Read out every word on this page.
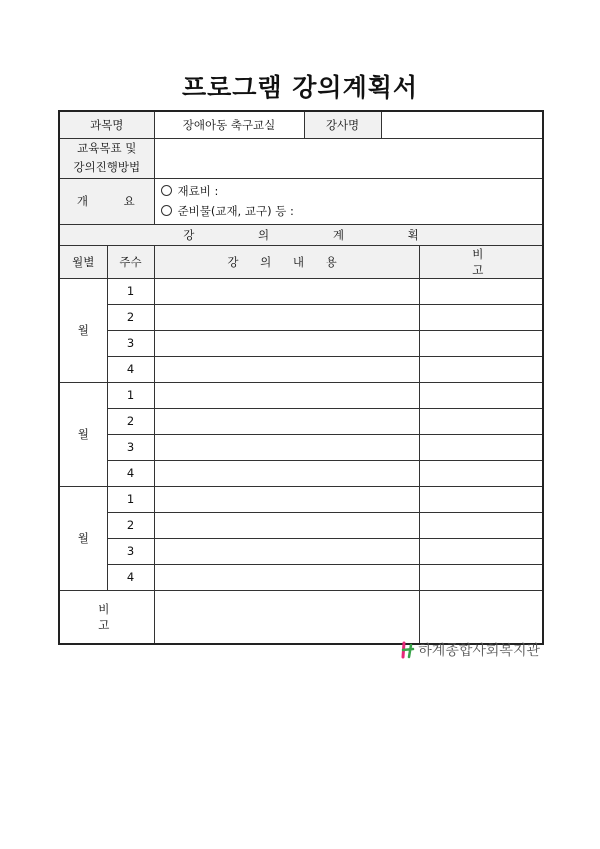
프로그램 강의계획서
과목명		장애아동 축구교실	강사명		

교육목표 및
강의진행방법					

개 요		재료비 :
준비물(교재, 교구) 등 :			

강 의 계 획					
월별	주수	강 의 내 용			비 고
월	1				
	2				
	3				
	4				
월	1				
	2				
	3				
	4				
월	1				
	2				
	3				
	4				
비 고					
하계종합사회복지관
